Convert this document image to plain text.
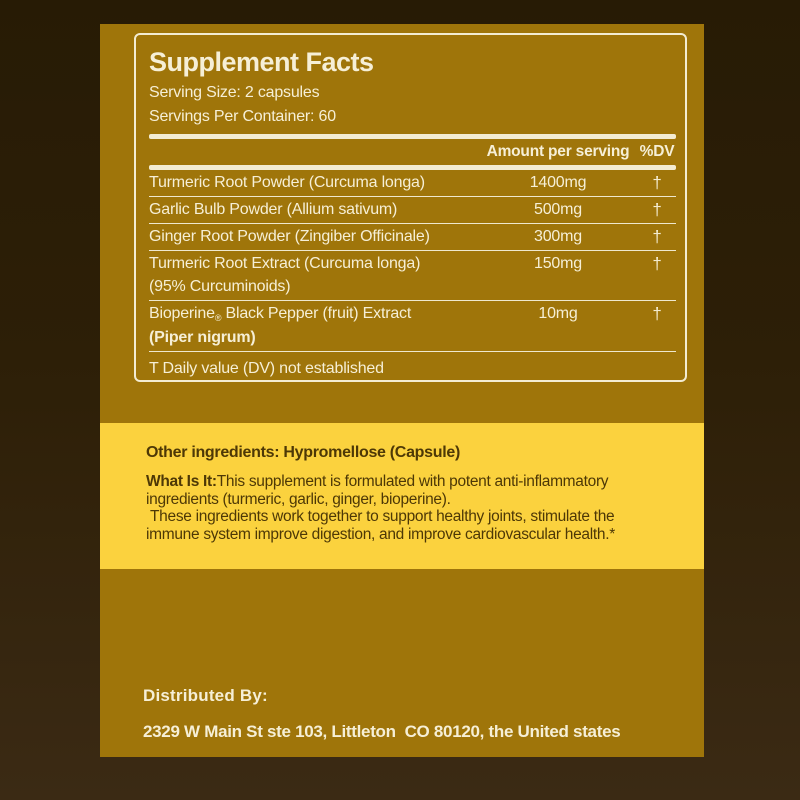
Supplement Facts
Serving Size: 2 capsules
Servings Per Container: 60
Amount per serving %DV
Turmeric Root Powder (Curcuma longa)	1400mg	†
Garlic Bulb Powder (Allium sativum)	500mg	†
Ginger Root Powder (Zingiber Officinale)	300mg	†
Turmeric Root Extract (Curcuma longa)
(95% Curcuminoids)
150mg	†
Bioperine® Black Pepper (fruit) Extract
(Piper nigrum)
10mg	†
T Daily value (DV) not established
Other ingredients: Hypromellose (Capsule)
What Is It:This supplement is formulated with potent anti-inflammatory
ingredients (turmeric, garlic, ginger, bioperine).
These ingredients work together to support healthy joints, stimulate the
immune system improve digestion, and improve cardiovascular health.*
Distributed By:
2329 W Main St ste 103, Littleton  CO 80120, the United states
